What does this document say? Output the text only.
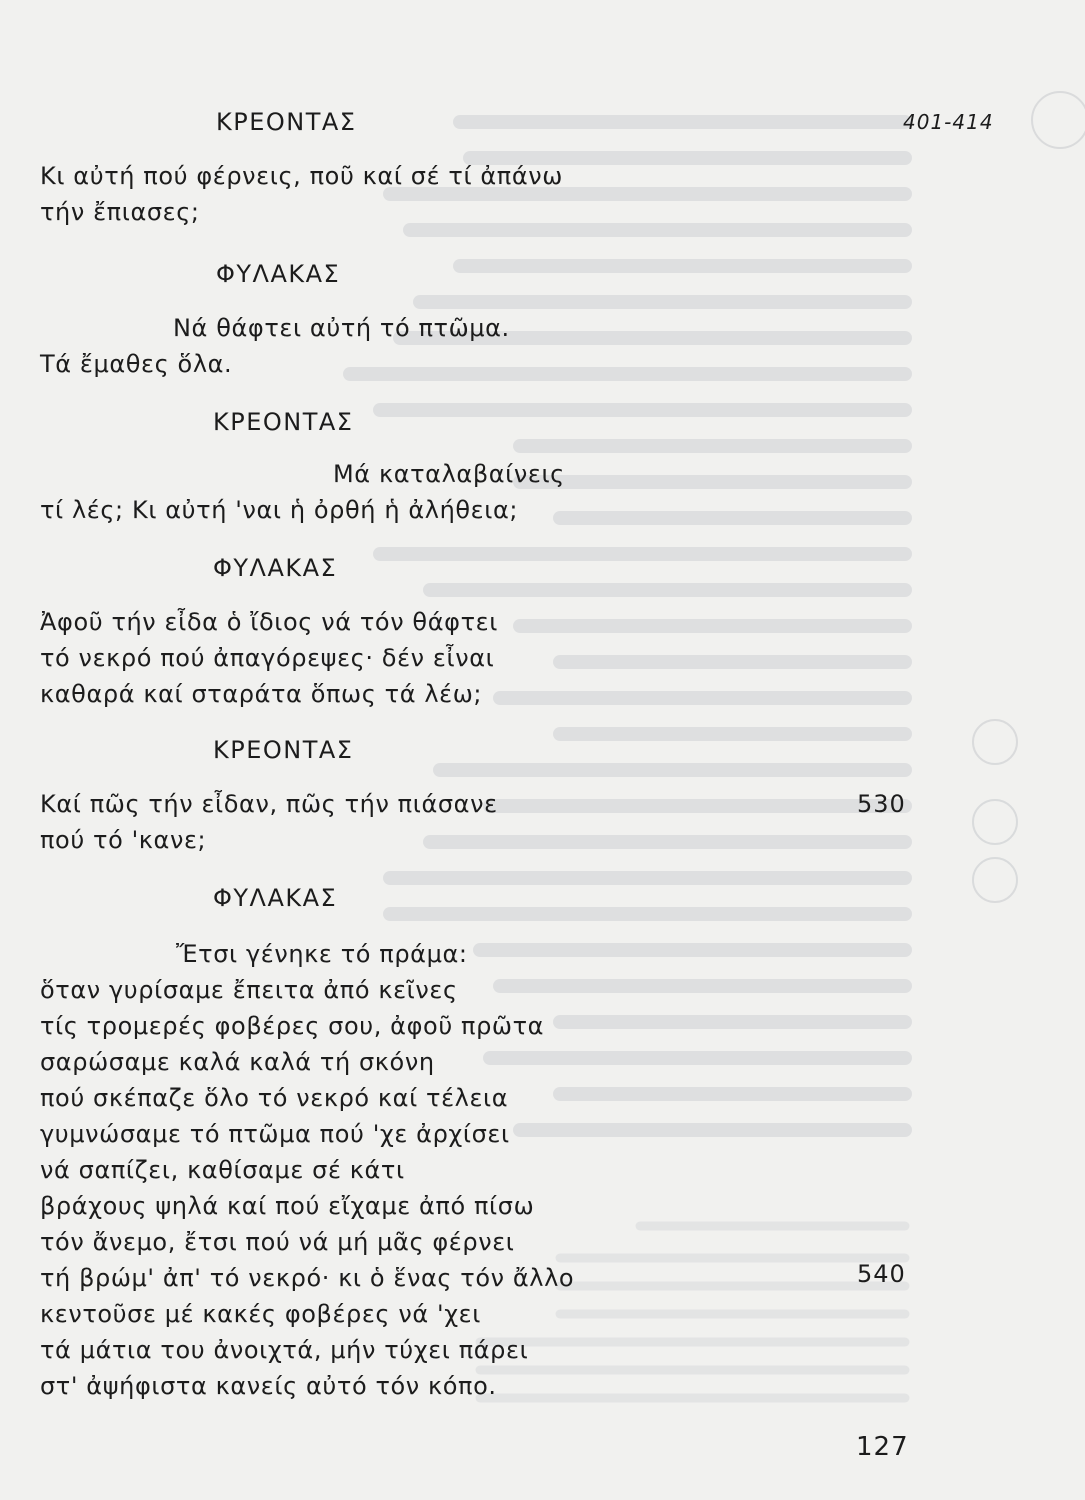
ΚΡΕΟΝΤΑΣ	401-414
Κι αὐτή πού φέρνεις, ποῦ καί σέ τί ἀπάνω
τήν ἔπιασες;
ΦΥΛΑΚΑΣ
Νά θάφτει αὐτή τό πτῶμα.
Τά ἔμαθες ὅλα.
ΚΡΕΟΝΤΑΣ
Μά καταλαβαίνεις
τί λές; Κι αὐτή 'ναι ἡ ὀρθή ἡ ἀλήθεια;
ΦΥΛΑΚΑΣ
Ἀφοῦ τήν εἶδα ὁ ἴδιος νά τόν θάφτει
τό νεκρό πού ἀπαγόρεψες· δέν εἶναι
καθαρά καί σταράτα ὅπως τά λέω;
ΚΡΕΟΝΤΑΣ
Καί πῶς τήν εἶδαν, πῶς τήν πιάσανε	530
πού τό 'κανε;
ΦΥΛΑΚΑΣ
Ἔτσι γένηκε τό πράμα:
ὅταν γυρίσαμε ἔπειτα ἀπό κεῖνες
τίς τρομερές φοβέρες σου, ἀφοῦ πρῶτα
σαρώσαμε καλά καλά τή σκόνη
πού σκέπαζε ὅλο τό νεκρό καί τέλεια
γυμνώσαμε τό πτῶμα πού 'χε ἀρχίσει
νά σαπίζει, καθίσαμε σέ κάτι
βράχους ψηλά καί πού εἴχαμε ἀπό πίσω
τόν ἄνεμο, ἔτσι πού νά μή μᾶς φέρνει
τή βρώμ' ἀπ' τό νεκρό· κι ὁ ἕνας τόν ἄλλο	540
κεντοῦσε μέ κακές φοβέρες νά 'χει
τά μάτια του ἀνοιχτά, μήν τύχει πάρει
στ' ἀψήφιστα κανείς αὐτό τόν κόπο.
127
